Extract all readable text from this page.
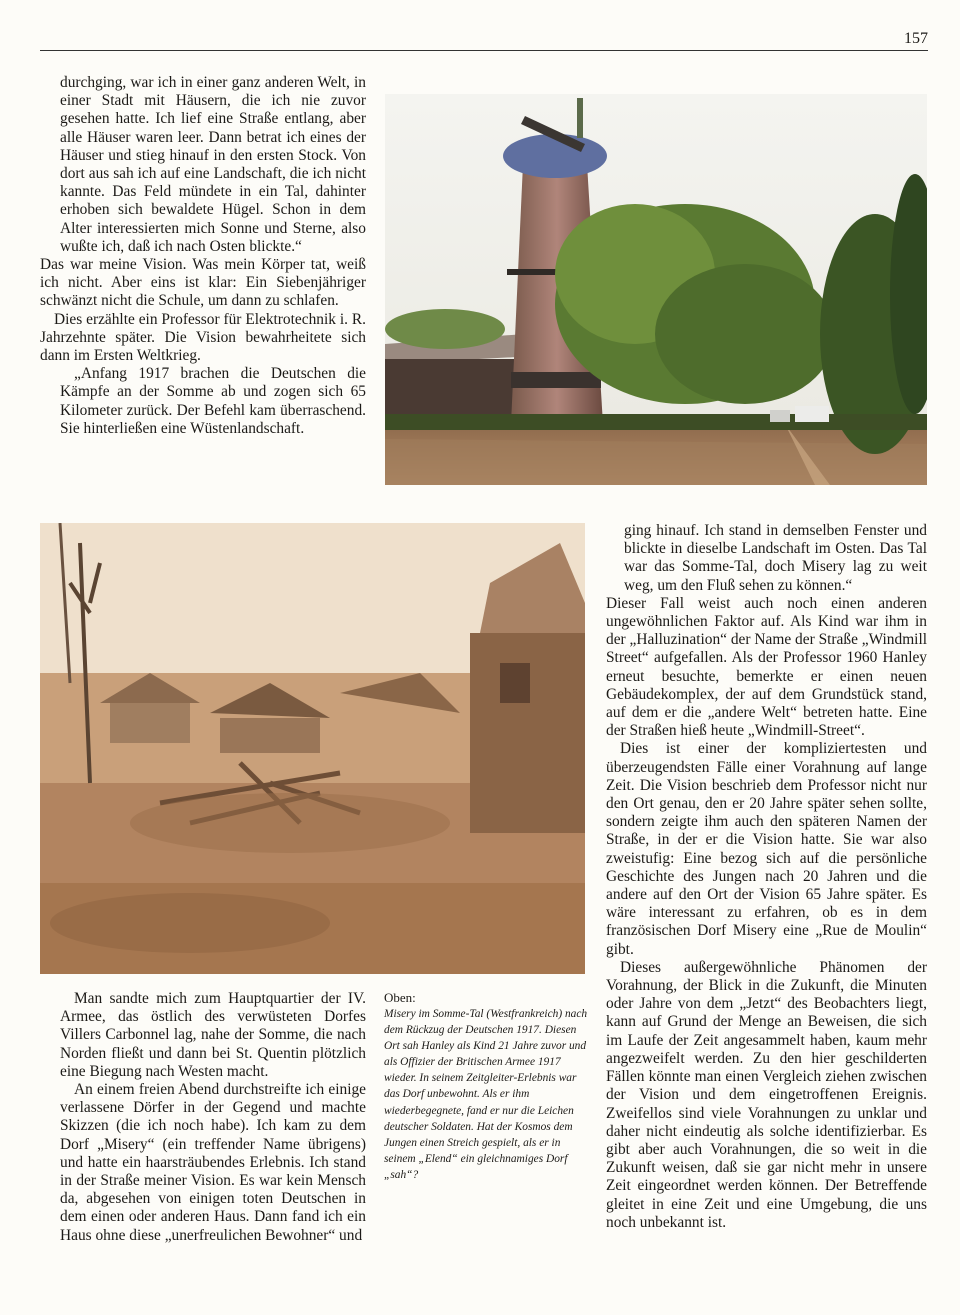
157

durchging, war ich in einer ganz anderen Welt, in einer Stadt mit Häusern, die ich nie zuvor gesehen hatte. Ich lief eine Straße entlang, aber alle Häuser waren leer. Dann betrat ich eines der Häuser und stieg hinauf in den ersten Stock. Von dort aus sah ich auf eine Landschaft, die ich nicht kannte. Das Feld mündete in ein Tal, dahinter erhoben sich bewaldete Hügel. Schon in dem Alter interessierten mich Sonne und Sterne, also wußte ich, daß ich nach Osten blickte.“

Das war meine Vision. Was mein Körper tat, weiß ich nicht. Aber eins ist klar: Ein Siebenjähriger schwänzt nicht die Schule, um dann zu schlafen.

Dies erzählte ein Professor für Elektrotechnik i. R. Jahrzehnte später. Die Vision bewahrheitete sich dann im Ersten Weltkrieg.

„Anfang 1917 brachen die Deutschen die Kämpfe an der Somme ab und zogen sich 65 Kilometer zurück. Der Befehl kam überraschend. Sie hinterließen eine Wüstenlandschaft.

ging hinauf. Ich stand in demselben Fenster und blickte in dieselbe Landschaft im Osten. Das Tal war das Somme-Tal, doch Misery lag zu weit weg, um den Fluß sehen zu können.“

Dieser Fall weist auch noch einen anderen ungewöhnlichen Faktor auf. Als Kind war ihm in der „Halluzination“ der Name der Straße „Windmill Street“ aufgefallen. Als der Professor 1960 Hanley erneut besuchte, bemerkte er einen neuen Gebäudekomplex, der auf dem Grundstück stand, auf dem er die „andere Welt“ betreten hatte. Eine der Straßen hieß heute „Windmill-Street“.

Dies ist einer der kompliziertesten und überzeugendsten Fälle einer Vorahnung auf lange Zeit. Die Vision beschrieb dem Professor nicht nur den Ort genau, den er 20 Jahre später sehen sollte, sondern zeigte ihm auch den späteren Namen der Straße, in der er die Vision hatte. Sie war also zweistufig: Eine bezog sich auf die persönliche Geschichte des Jungen nach 20 Jahren und die andere auf den Ort der Vision 65 Jahre später. Es wäre interessant zu erfahren, ob es in dem französischen Dorf Misery eine „Rue de Moulin“ gibt.

Dieses außergewöhnliche Phänomen der Vorahnung, der Blick in die Zukunft, die Minuten oder Jahre von dem „Jetzt“ des Beobachters liegt, kann auf Grund der Menge an Beweisen, die sich im Laufe der Zeit angesammelt haben, kaum mehr angezweifelt werden. Zu den hier geschilderten Fällen könnte man einen Vergleich ziehen zwischen der Vision und dem eingetroffenen Ereignis. Zweifellos sind viele Vorahnungen zu unklar und daher nicht eindeutig als solche identifizierbar. Es gibt aber auch Vorahnungen, die so weit in die Zukunft weisen, daß sie gar nicht mehr in unsere Zeit eingeordnet werden können. Der Betreffende gleitet in eine Zeit und eine Umgebung, die uns noch unbekannt ist.

Man sandte mich zum Hauptquartier der IV. Armee, das östlich des verwüsteten Dorfes Villers Carbonnel lag, nahe der Somme, die nach Norden fließt und dann bei St. Quentin plötzlich eine Biegung nach Westen macht.

An einem freien Abend durchstreifte ich einige verlassene Dörfer in der Gegend und machte Skizzen (die ich noch habe). Ich kam zu dem Dorf „Misery“ (ein treffender Name übrigens) und hatte ein haarsträubendes Erlebnis. Ich stand in der Straße meiner Vision. Es war kein Mensch da, abgesehen von einigen toten Deutschen in dem einen oder anderen Haus. Dann fand ich ein Haus ohne diese „unerfreulichen Bewohner“ und

Oben:
Misery im Somme-Tal (Westfrankreich) nach dem Rückzug der Deutschen 1917. Diesen Ort sah Hanley als Kind 21 Jahre zuvor und als Offizier der Britischen Armee 1917 wieder. In seinem Zeitgleiter-Erlebnis war das Dorf unbewohnt. Als er ihm wiederbegegnete, fand er nur die Leichen deutscher Soldaten. Hat der Kosmos dem Jungen einen Streich gespielt, als er in seinem „Elend“ ein gleichnamiges Dorf „sah“?
